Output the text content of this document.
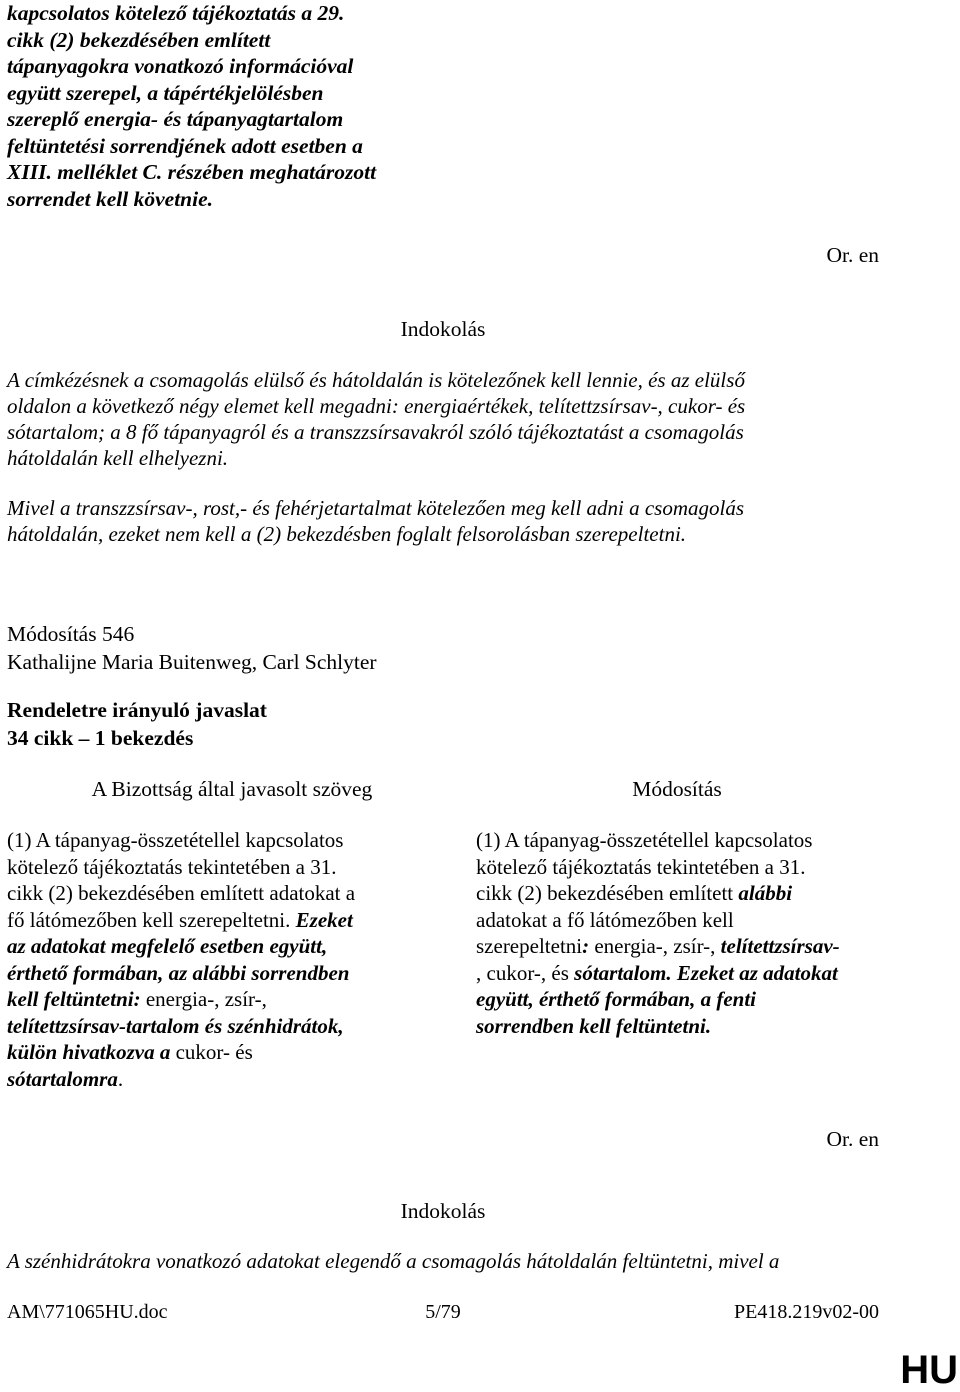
kapcsolatos kötelező tájékoztatás a 29.
cikk (2) bekezdésében említett
tápanyagokra vonatkozó információval
együtt szerepel, a tápértékjelölésben
szereplő energia- és tápanyagtartalom
feltüntetési sorrendjének adott esetben a
XIII. melléklet C. részében meghatározott
sorrendet kell követnie.
Or. en
Indokolás
A címkézésnek a csomagolás elülső és hátoldalán is kötelezőnek kell lennie, és az elülső
oldalon a következő négy elemet kell megadni: energiaértékek, telítettzsírsav-, cukor- és
sótartalom; a 8 fő tápanyagról és a transzzsírsavakról szóló tájékoztatást a csomagolás
hátoldalán kell elhelyezni.
Mivel a transzzsírsav-, rost,- és fehérjetartalmat kötelezően meg kell adni a csomagolás
hátoldalán, ezeket nem kell a (2) bekezdésben foglalt felsorolásban szerepeltetni.
Módosítás 546
Kathalijne Maria Buitenweg, Carl Schlyter
Rendeletre irányuló javaslat
34 cikk – 1 bekezdés
A Bizottság által javasolt szöveg	Módosítás
(1) A tápanyag-összetétellel kapcsolatos
kötelező tájékoztatás tekintetében a 31.
cikk (2) bekezdésében említett adatokat a
fő látómezőben kell szerepeltetni. Ezeket
az adatokat megfelelő esetben együtt,
érthető formában, az alábbi sorrendben
kell feltüntetni: energia-, zsír-,
telítettzsírsav-tartalom és szénhidrátok,
külön hivatkozva a cukor- és
sótartalomra.
(1) A tápanyag-összetétellel kapcsolatos
kötelező tájékoztatás tekintetében a 31.
cikk (2) bekezdésében említett alábbi
adatokat a fő látómezőben kell
szerepeltetni: energia-, zsír-, telítettzsírsav-
, cukor-, és sótartalom. Ezeket az adatokat
együtt, érthető formában, a fenti
sorrendben kell feltüntetni.
Or. en
Indokolás
A szénhidrátokra vonatkozó adatokat elegendő a csomagolás hátoldalán feltüntetni, mivel a
AM\771065HU.doc	5/79	PE418.219v02-00
HU
